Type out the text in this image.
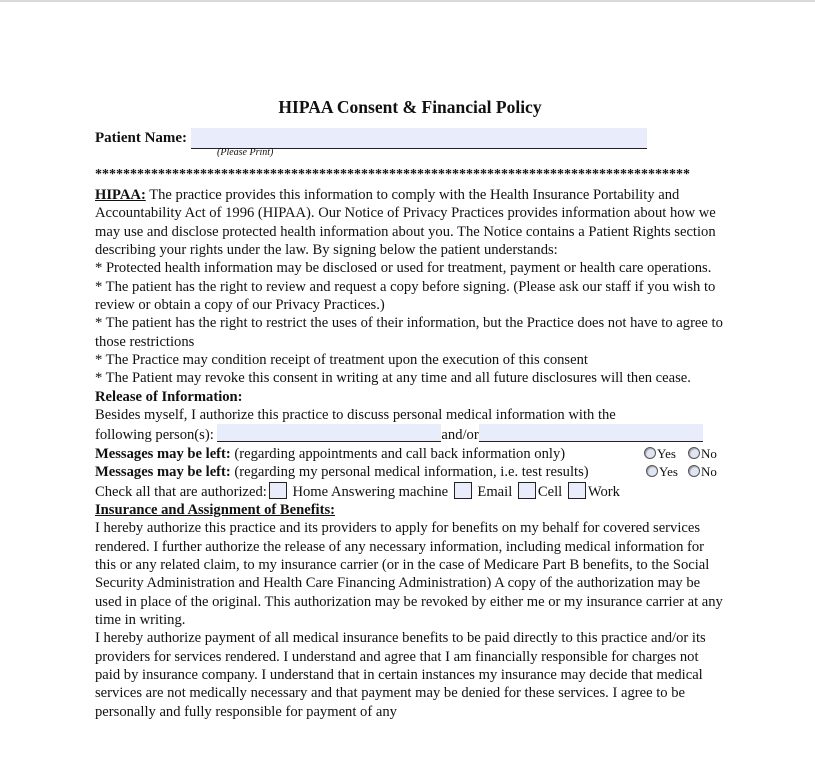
HIPAA Consent & Financial Policy
Patient Name:
(Please Print)
*************************************************************************************

HIPAA: The practice provides this information to comply with the Health Insurance Portability and Accountability Act of 1996 (HIPAA). Our Notice of Privacy Practices provides information about how we may use and disclose protected health information about you. The Notice contains a Patient Rights section describing your rights under the law. By signing below the patient understands:

* Protected health information may be disclosed or used for treatment, payment or health care operations.

* The patient has the right to review and request a copy before signing. (Please ask our staff if you wish to review or obtain a copy of our Privacy Practices.)

* The patient has the right to restrict the uses of their information, but the Practice does not have to agree to those restrictions

* The Practice may condition receipt of treatment upon the execution of this consent

* The Patient may revoke this consent in writing at any time and all future disclosures will then cease.

Release of Information:

Besides myself, I authorize this practice to discuss personal medical information with the

following person(s):	and/or

Messages may be left: (regarding appointments and call back information only)	Yes	No
Messages may be left: (regarding my personal medical information, i.e. test results)	Yes	No

Check all that are authorized: Home Answering machine  Email Cell Work

Insurance and Assignment of Benefits:

I hereby authorize this practice and its providers to apply for benefits on my behalf for covered services rendered. I further authorize the release of any necessary information, including medical information for this or any related claim, to my insurance carrier (or in the case of Medicare Part B benefits, to the Social Security Administration and Health Care Financing Administration) A copy of the authorization may be used in place of the original. This authorization may be revoked by either me or my insurance carrier at any time in writing.

I hereby authorize payment of all medical insurance benefits to be paid directly to this practice and/or its providers for services rendered. I understand and agree that I am financially responsible for charges not paid by insurance company. I understand that in certain instances my insurance may decide that medical services are not medically necessary and that payment may be denied for these services. I agree to be personally and fully responsible for payment of any
